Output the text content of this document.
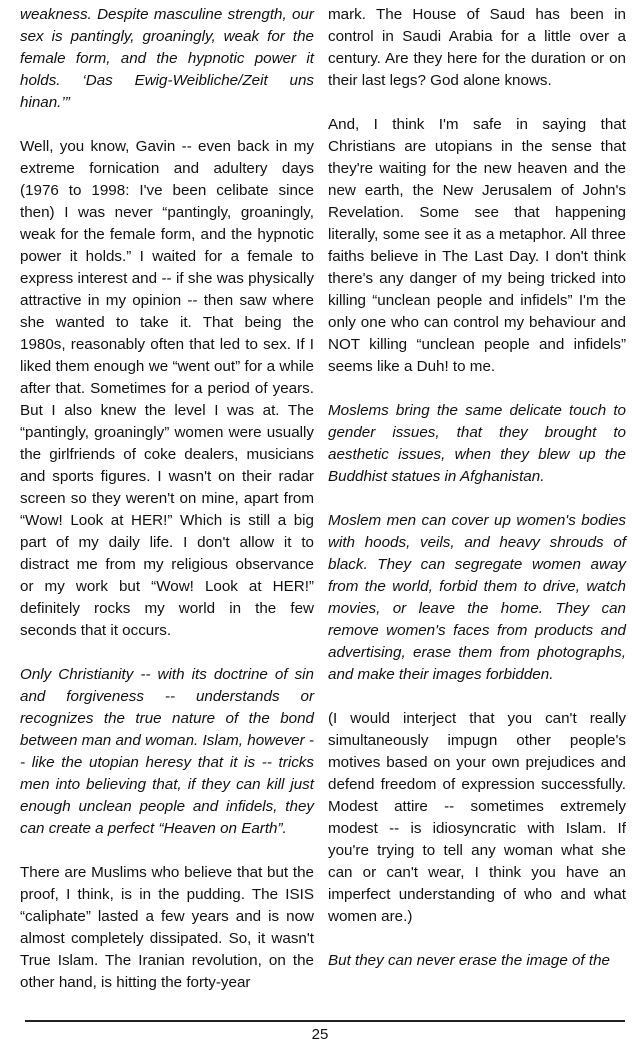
weakness. Despite masculine strength, our sex is pantingly, groaningly, weak for the female form, and the hypnotic power it holds. ‘Das Ewig-Weibliche/Zeit uns hinan.’”

Well, you know, Gavin -- even back in my extreme fornication and adultery days (1976 to 1998: I've been celibate since then) I was never “pantingly, groaningly, weak for the female form, and the hypnotic power it holds.” I waited for a female to express interest and -- if she was physically attractive in my opinion -- then saw where she wanted to take it. That being the 1980s, reasonably often that led to sex. If I liked them enough we “went out” for a while after that. Sometimes for a period of years. But I also knew the level I was at. The “pantingly, groaningly” women were usually the girlfriends of coke dealers, musicians and sports figures. I wasn't on their radar screen so they weren't on mine, apart from “Wow! Look at HER!” Which is still a big part of my daily life. I don't allow it to distract me from my religious observance or my work but “Wow! Look at HER!” definitely rocks my world in the few seconds that it occurs.

Only Christianity -- with its doctrine of sin and forgiveness -- understands or recognizes the true nature of the bond between man and woman. Islam, however -- like the utopian heresy that it is -- tricks men into believing that, if they can kill just enough unclean people and infidels, they can create a perfect “Heaven on Earth”.

There are Muslims who believe that but the proof, I think, is in the pudding. The ISIS “caliphate” lasted a few years and is now almost completely dissipated. So, it wasn't True Islam. The Iranian revolution, on the other hand, is hitting the forty-year

mark. The House of Saud has been in control in Saudi Arabia for a little over a century. Are they here for the duration or on their last legs? God alone knows.

And, I think I'm safe in saying that Christians are utopians in the sense that they're waiting for the new heaven and the new earth, the New Jerusalem of John's Revelation. Some see that happening literally, some see it as a metaphor. All three faiths believe in The Last Day. I don't think there's any danger of my being tricked into killing “unclean people and infidels” I'm the only one who can control my behaviour and NOT killing “unclean people and infidels” seems like a Duh! to me.

Moslems bring the same delicate touch to gender issues, that they brought to aesthetic issues, when they blew up the Buddhist statues in Afghanistan.

Moslem men can cover up women's bodies with hoods, veils, and heavy shrouds of black. They can segregate women away from the world, forbid them to drive, watch movies, or leave the home. They can remove women's faces from products and advertising, erase them from photographs, and make their images forbidden.

(I would interject that you can't really simultaneously impugn other people's motives based on your own prejudices and defend freedom of expression successfully. Modest attire -- sometimes extremely modest -- is idiosyncratic with Islam. If you're trying to tell any woman what she can or can't wear, I think you have an imperfect understanding of who and what women are.)

But they can never erase the image of the

25
